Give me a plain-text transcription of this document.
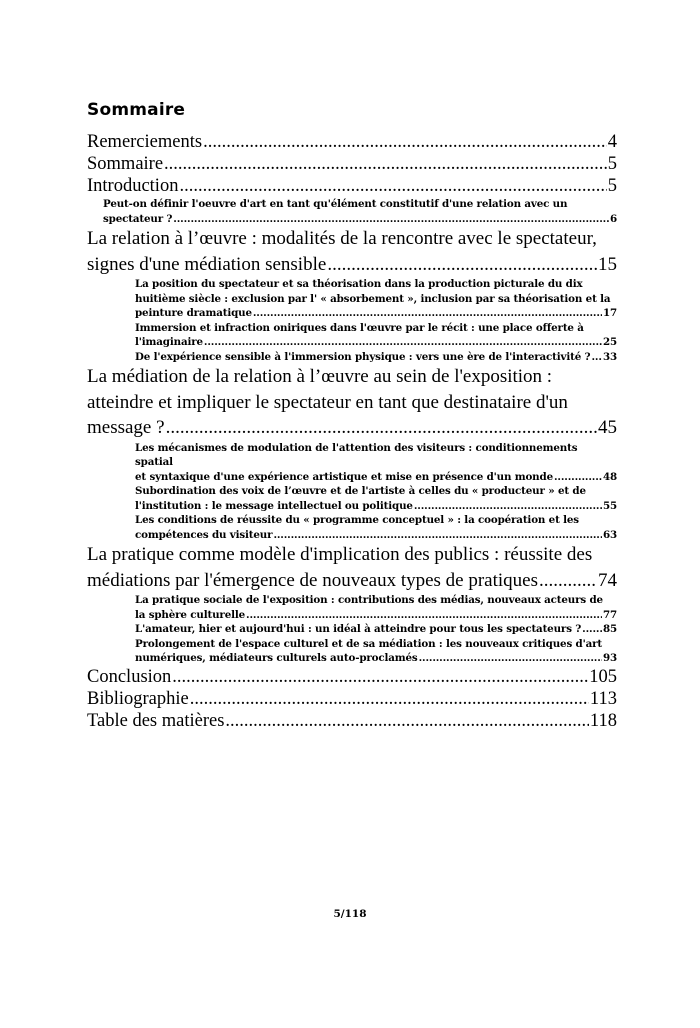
Sommaire
Remerciements .....	4
Sommaire .....	5
Introduction .....	5
Peut-on définir l'oeuvre d'art en tant qu'élément constitutif d'une relation avec un
spectateur ? .....	6
La relation à l’œuvre : modalités de la rencontre avec le spectateur,
signes d'une médiation sensible .....	15
La position du spectateur et sa théorisation dans la production picturale du dix
huitième siècle : exclusion par l' « absorbement », inclusion par sa théorisation et la
peinture dramatique .....	17
Immersion et infraction oniriques dans l'œuvre par le récit : une place offerte à
l'imaginaire .....	25
De l'expérience sensible à l'immersion physique : vers une ère de l'interactivité ? ..... 33
La médiation de la relation à l’œuvre au sein de l'exposition :
atteindre et impliquer le spectateur en tant que destinataire d'un
message ? .....	45
Les mécanismes de modulation de l'attention des visiteurs : conditionnements spatial
et syntaxique d'une expérience artistique et mise en présence d'un monde .....	48
Subordination des voix de l’œuvre et de l'artiste à celles du « producteur » et de
l'institution : le message intellectuel ou politique .....	55
Les conditions de réussite du « programme conceptuel » : la coopération et les
compétences du visiteur .....	63
La pratique comme modèle d'implication des publics : réussite des
médiations par l'émergence de nouveaux types de pratiques .....	74
La pratique sociale de l'exposition : contributions des médias, nouveaux acteurs de
la sphère culturelle .....	77
L'amateur, hier et aujourd'hui : un idéal à atteindre pour tous les spectateurs ? ..... 85
Prolongement de l'espace culturel et de sa médiation : les nouveaux critiques d'art
numériques, médiateurs culturels auto-proclamés .....	93
Conclusion .....	105
Bibliographie .....	113
Table des matières .....	118
5/118
